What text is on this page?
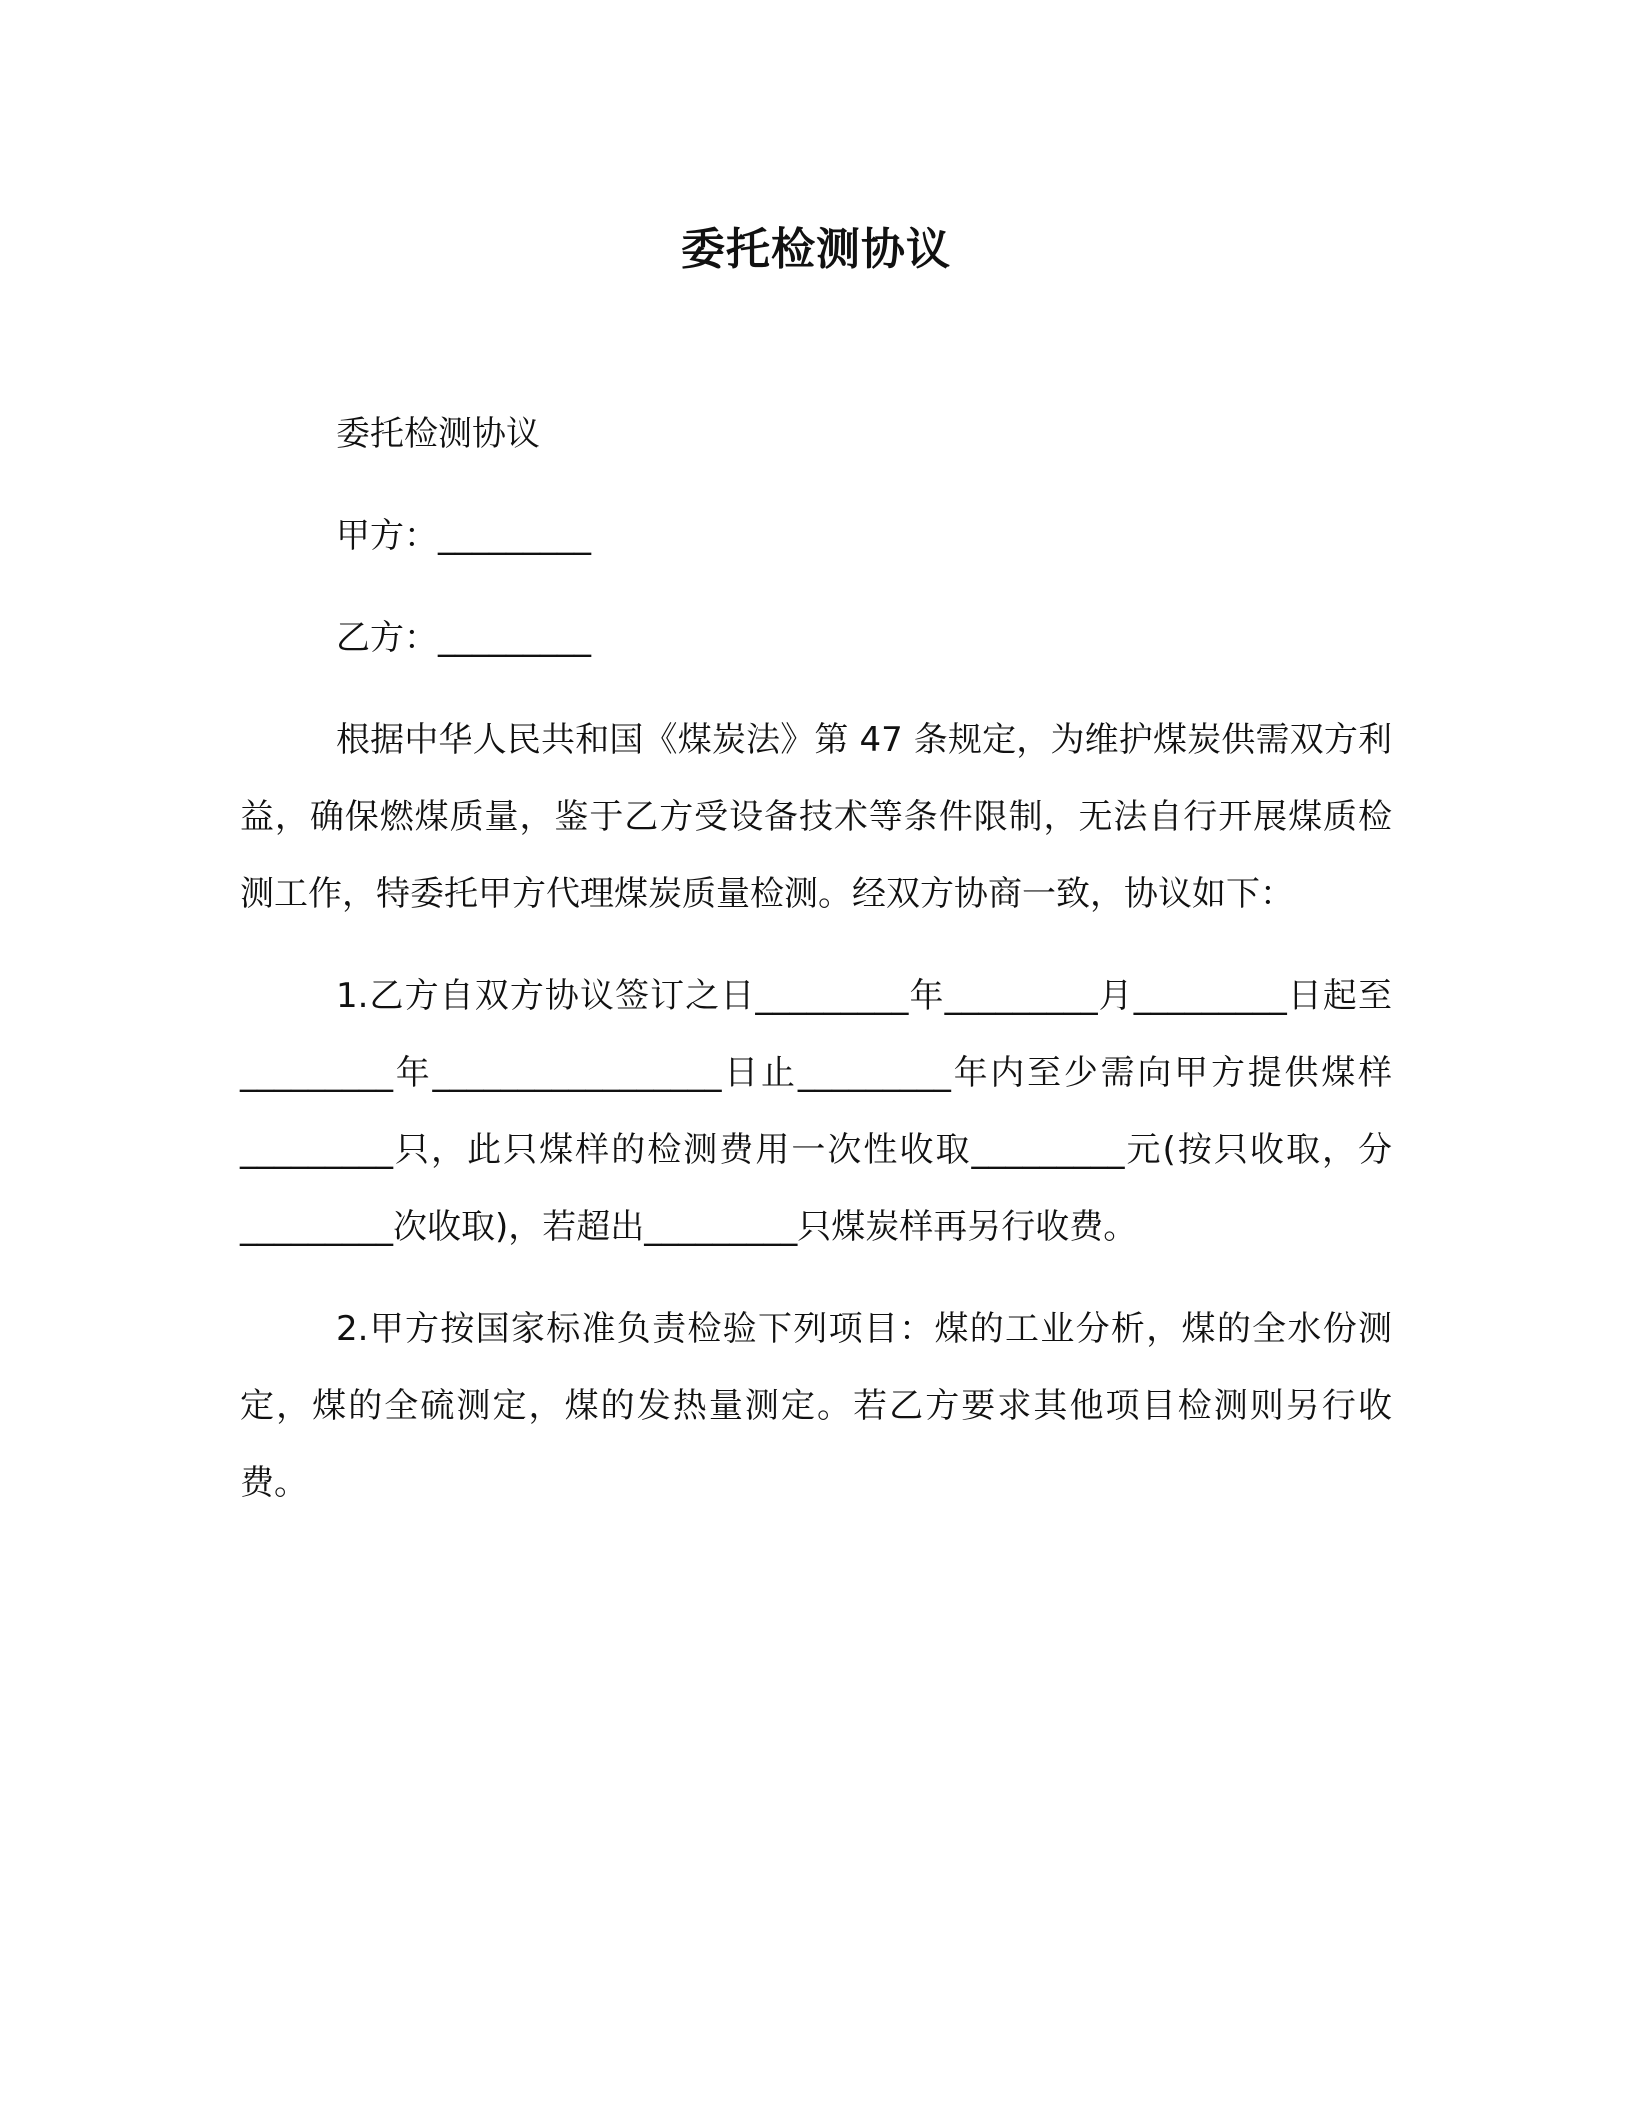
委托检测协议

委托检测协议

甲方：_________

乙方：_________

根据中华人民共和国《煤炭法》第 47 条规定，为维护煤炭供需双方利益，确保燃煤质量，鉴于乙方受设备技术等条件限制，无法自行开展煤质检测工作，特委托甲方代理煤炭质量检测。经双方协商一致，协议如下：

1.乙方自双方协议签订之日_________年_________月_________日起至_________年_________________日止_________年内至少需向甲方提供煤样_________只，此只煤样的检测费用一次性收取_________元(按只收取，分_________次收取)，若超出_________只煤炭样再另行收费。

2.甲方按国家标准负责检验下列项目：煤的工业分析，煤的全水份测定，煤的全硫测定，煤的发热量测定。若乙方要求其他项目检测则另行收费。
